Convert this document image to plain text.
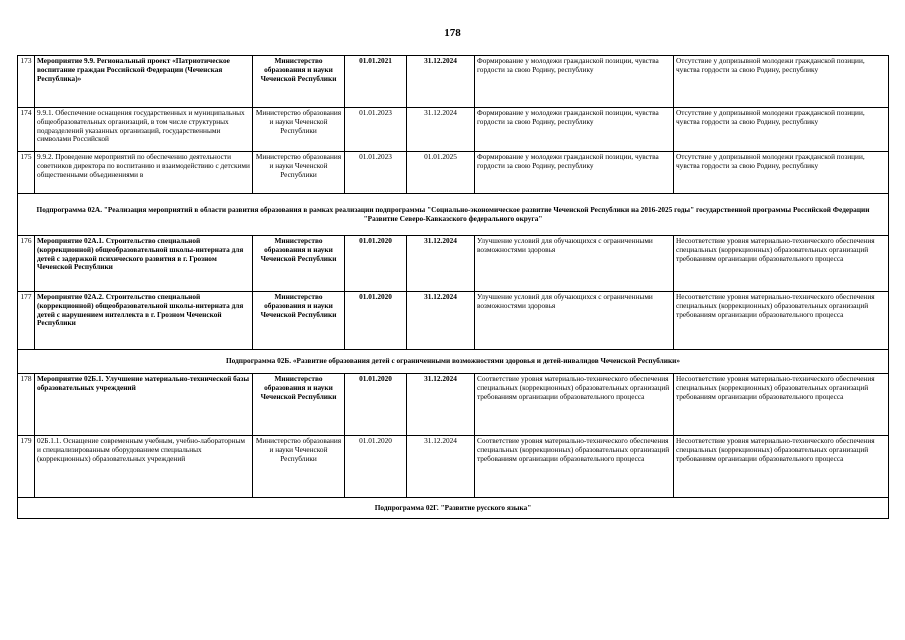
178
173	Мероприятие 9.9. Региональный проект «Патриотическое воспитание граждан Российской Федерации (Чеченская Республика)»	Министерство образования и науки Чеченской Республики	01.01.2021	31.12.2024	Формирование у молодежи гражданской позиции, чувства гордости за свою Родину, республику	Отсутствие у допризывной молодежи гражданской позиции, чувства гордости за свою Родину, республику

174	9.9.1. Обеспечение оснащения государственных и муниципальных общеобразовательных организаций, в том числе структурных подразделений указанных организаций, государственными символами Российской	Министерство образования и науки Чеченской Республики	01.01.2023	31.12.2024	Формирование у молодежи гражданской позиции, чувства гордости за свою Родину, республику	Отсутствие у допризывной молодежи гражданской позиции, чувства гордости за свою Родину, республику

175	9.9.2. Проведение мероприятий по обеспечению деятельности советников директора по воспитанию и взаимодействию с детскими общественными объединениями в	Министерство образования и науки Чеченской Республики	01.01.2023	01.01.2025	Формирование у молодежи гражданской позиции, чувства гордости за свою Родину, республику	Отсутствие у допризывной молодежи гражданской позиции, чувства гордости за свою Родину, республику

Подпрограмма 02А. "Реализация мероприятий в области развития образования в рамках реализации подпрограммы "Социально-экономическое развитие Чеченской Республики на 2016-2025 годы" государственной программы Российской Федерации "Развитие Северо-Кавказского федерального округа"						

176	Мероприятие 02А.1. Строительство специальной (коррекционной) общеобразовательной школы-интерната для детей с задержкой психического развития в г. Грозном Чеченской Республики	Министерство образования и науки Чеченской Республики	01.01.2020	31.12.2024	Улучшение условий для обучающихся с ограниченными возможностями здоровья	Несоответствие уровня материально-технического обеспечения специальных (коррекционных) образовательных организаций требованиям организации образовательного процесса

177	Мероприятие 02А.2. Строительство специальной (коррекционной) общеобразовательной школы-интерната для детей с нарушением интеллекта в г. Грозном Чеченской Республики	Министерство образования и науки Чеченской Республики	01.01.2020	31.12.2024	Улучшение условий для обучающихся с ограниченными возможностями здоровья	Несоответствие уровня материально-технического обеспечения специальных (коррекционных) образовательных организаций требованиям организации образовательного процесса

Подпрограмма 02Б. «Развитие образования детей с ограниченными возможностями здоровья и детей-инвалидов Чеченской Республики»						

178	Мероприятие 02Б.1. Улучшение материально-технической базы образовательных учреждений	Министерство образования и науки Чеченской Республики	01.01.2020	31.12.2024	Соответствие уровня материально-технического обеспечения специальных (коррекционных) образовательных организаций требованиям организации образовательного процесса	Несоответствие уровня материально-технического обеспечения специальных (коррекционных) образовательных организаций требованиям организации образовательного процесса

179	02Б.1.1. Оснащение современным учебным, учебно-лабораторным и специализированным оборудованием специальных (коррекционных) образовательных учреждений	Министерство образования и науки Чеченской Республики	01.01.2020	31.12.2024	Соответствие уровня материально-технического обеспечения специальных (коррекционных) образовательных организаций требованиям организации образовательного процесса	Несоответствие уровня материально-технического обеспечения специальных (коррекционных) образовательных организаций требованиям организации образовательного процесса

Подпрограмма 02Г. "Развитие русского языка"						
